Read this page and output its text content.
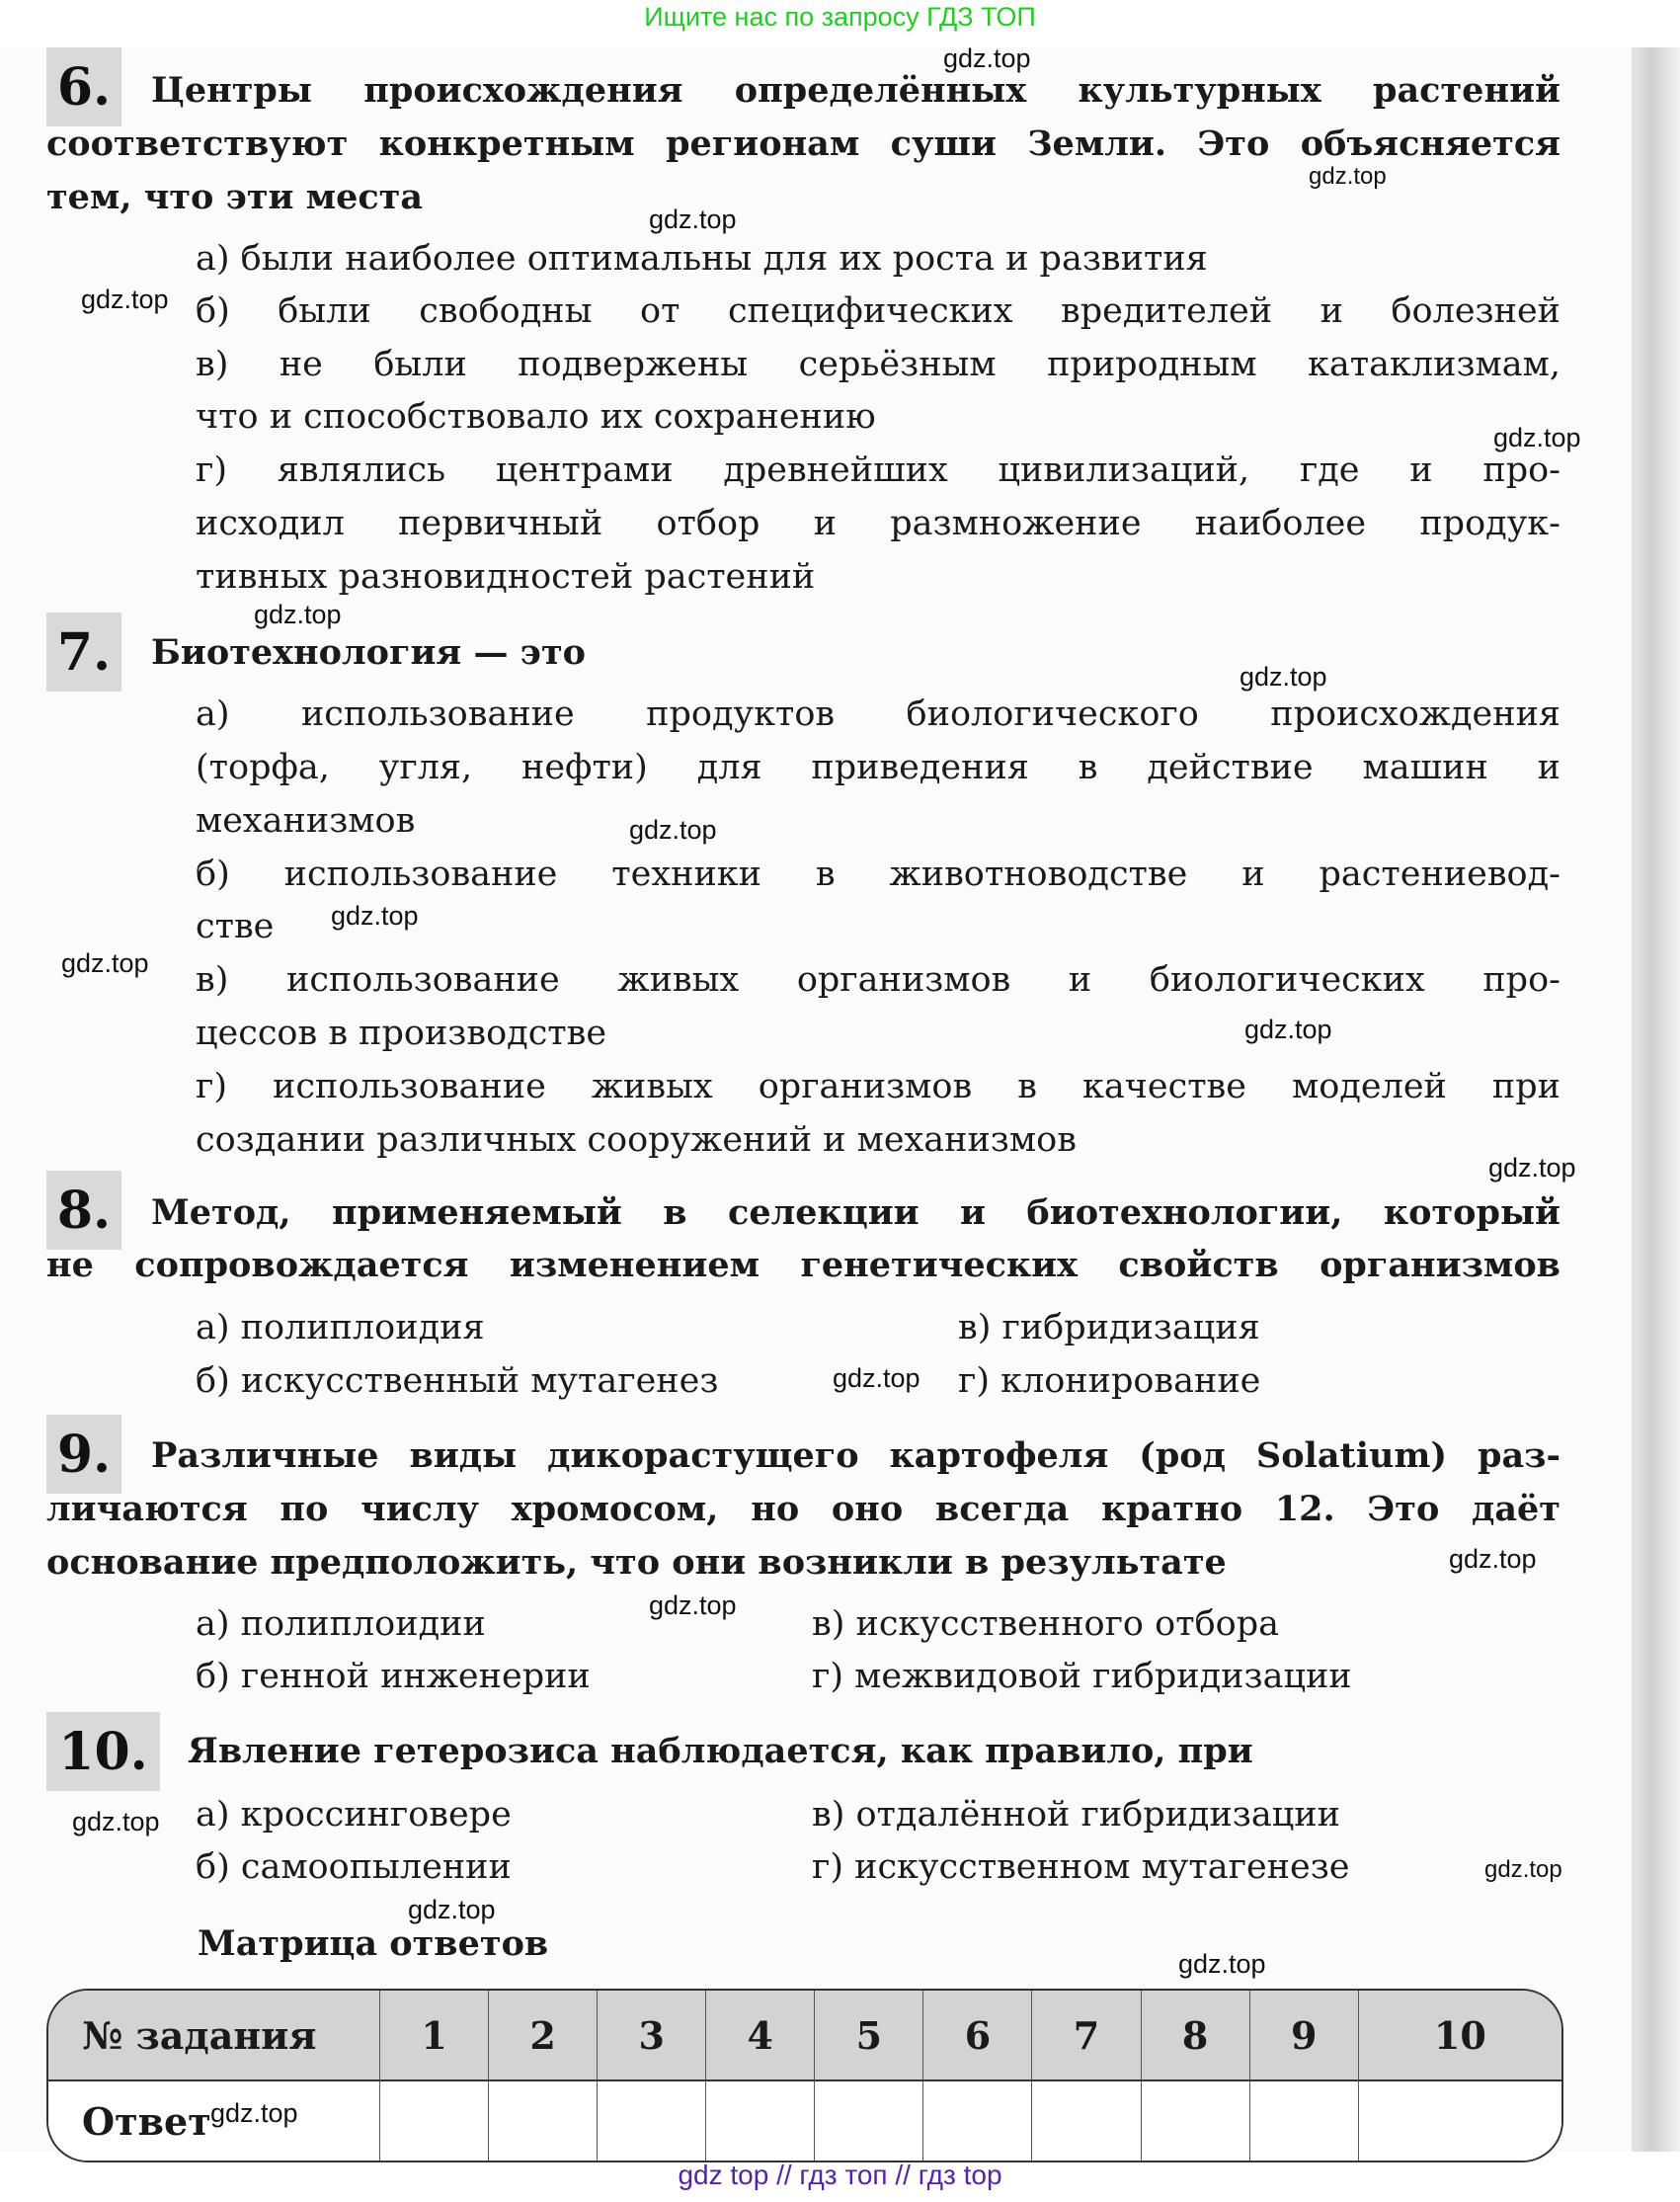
Ищите нас по запросу ГДЗ ТОП
6.	Центры происхождения определённых культурных растений
соответствуют конкретным регионам суши Земли. Это объясняется
тем, что эти места
а) были наиболее оптимальны для их роста и развития
б) были свободны от специфических вредителей и болезней
в) не были подвержены серьёзным природным катаклизмам,
что и способствовало их сохранению
г) являлись центрами древнейших цивилизаций, где и про-
исходил первичный отбор и размножение наиболее продук-
тивных разновидностей растений
7.	Биотехнология — это
а) использование продуктов биологического происхождения
(торфа, угля, нефти) для приведения в действие машин и
механизмов
б) использование техники в животноводстве и растениевод-
стве
в) использование живых организмов и биологических про-
цессов в производстве
г) использование живых организмов в качестве моделей при
создании различных сооружений и механизмов
8.	Метод, применяемый в селекции и биотехнологии, который
не сопровождается изменением генетических свойств организмов
а) полиплоидия	в) гибридизация
б) искусственный мутагенез	г) клонирование
9.	Различные виды дикорастущего картофеля (род Solatium) раз-
личаются по числу хромосом, но оно всегда кратно 12. Это даёт
основание предположить, что они возникли в результате
а) полиплоидии	в) искусственного отбора
б) генной инженерии	г) межвидовой гибридизации
10.	Явление гетерозиса наблюдается, как правило, при
а) кроссинговере	в) отдалённой гибридизации
б) самоопылении	г) искусственном мутагенезе
Матрица ответов
№ задания	1	2	3	4	5	6	7	8	9	10
Ответ										
gdz.top
gdz.top
gdz.top
gdz.top
gdz.top
gdz.top
gdz.top
gdz.top
gdz.top
gdz.top
gdz.top
gdz.top
gdz.top
gdz.top
gdz.top
gdz.top
gdz.top
gdz.top
gdz.top
gdz.top
gdz top // гдз топ // гдз top
